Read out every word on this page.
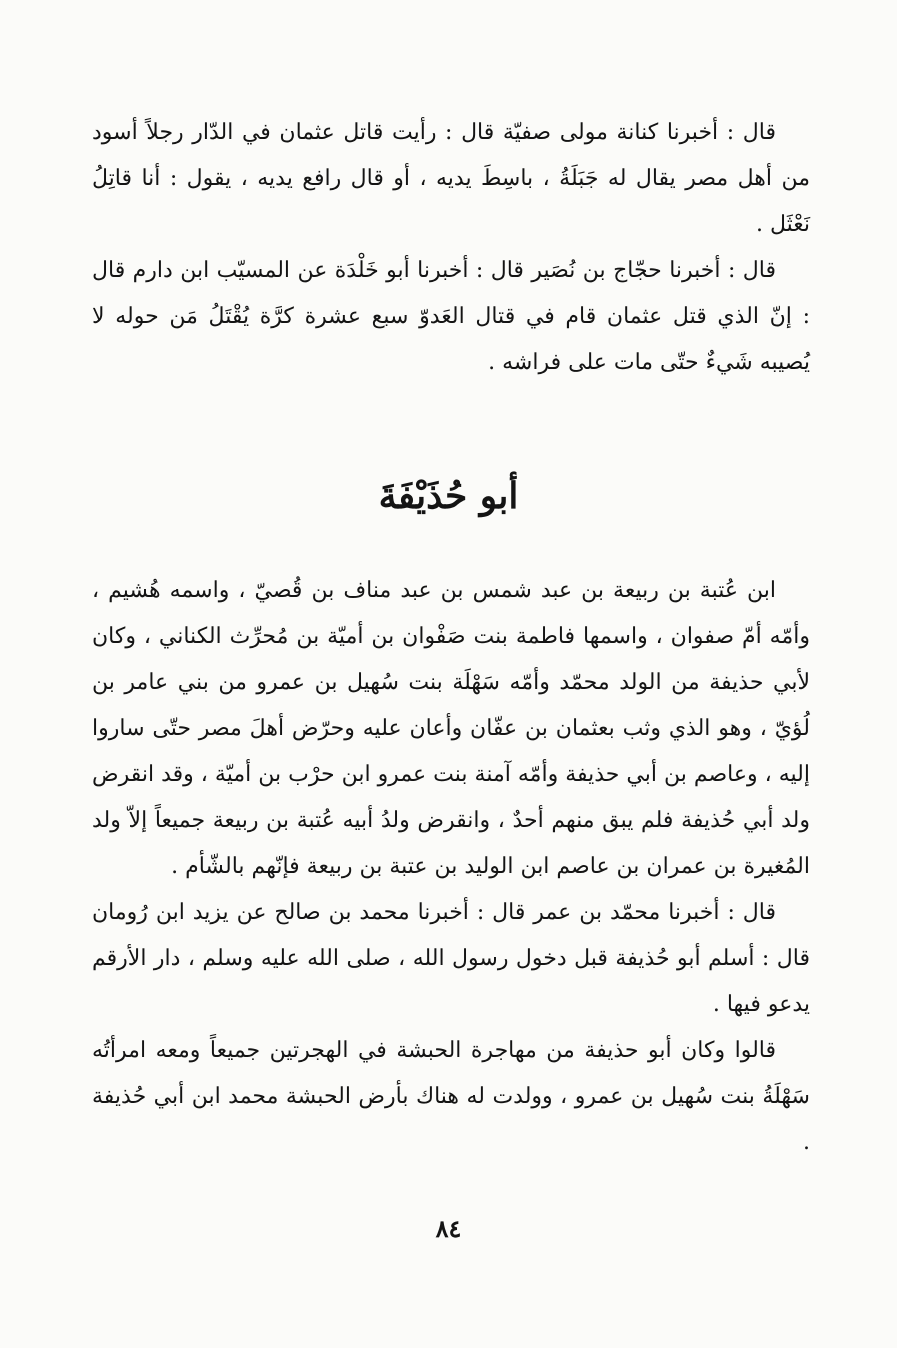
قال : أخبرنا كنانة مولى صفيّة قال : رأيت قاتل عثمان في الدّار رجلاً أسود من أهل مصر يقال له جَبَلَةُ ، باسِطَ يديه ، أو قال رافع يديه ، يقول : أنا قاتِلُ نَعْثَل .

قال : أخبرنا حجّاج بن نُصَير قال : أخبرنا أبو خَلْدَة عن المسيّب ابن دارم قال : إنّ الذي قتل عثمان قام في قتال العَدوّ سبع عشرة كرَّة يُقْتَلُ مَن حوله لا يُصيبه شَيءٌ حتّى مات على فراشه .

أبو حُذَيْفَةَ

ابن عُتبة بن ربيعة بن عبد شمس بن عبد مناف بن قُصيّ ، واسمه هُشيم ، وأمّه أمّ صفوان ، واسمها فاطمة بنت صَفْوان بن أميّة بن مُحرِّث الكناني ، وكان لأبي حذيفة من الولد محمّد وأمّه سَهْلَة بنت سُهيل بن عمرو من بني عامر بن لُؤيّ ، وهو الذي وثب بعثمان بن عفّان وأعان عليه وحرّض أهلَ مصر حتّى ساروا إليه ، وعاصم بن أبي حذيفة وأمّه آمنة بنت عمرو ابن حرْب بن أميّة ، وقد انقرض ولد أبي حُذيفة فلم يبق منهم أحدٌ ، وانقرض ولدُ أبيه عُتبة بن ربيعة جميعاً إلاّ ولد المُغيرة بن عمران بن عاصم ابن الوليد بن عتبة بن ربيعة فإنّهم بالشّأم .

قال : أخبرنا محمّد بن عمر قال : أخبرنا محمد بن صالح عن يزيد ابن رُومان قال : أسلم أبو حُذيفة قبل دخول رسول الله ، صلى الله عليه وسلم ، دار الأرقم يدعو فيها .

قالوا وكان أبو حذيفة من مهاجرة الحبشة في الهجرتين جميعاً ومعه امرأتُه سَهْلَةُ بنت سُهيل بن عمرو ، وولدت له هناك بأرض الحبشة محمد ابن أبي حُذيفة .

٨٤
